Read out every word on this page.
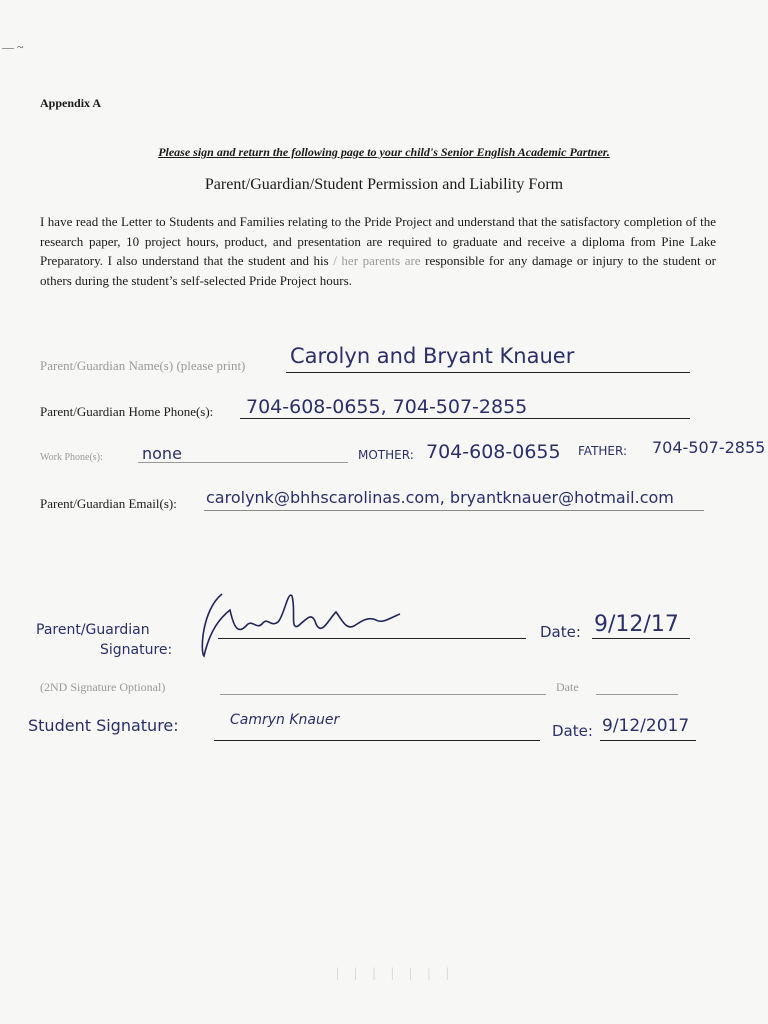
— ~
Appendix A
Please sign and return the following page to your child's Senior English Academic Partner.
Parent/Guardian/Student Permission and Liability Form
I have read the Letter to Students and Families relating to the Pride Project and understand that the satisfactory completion of the research paper, 10 project hours, product, and presentation are required to graduate and receive a diploma from Pine Lake Preparatory. I also understand that the student and his / her parents are responsible for any damage or injury to the student or others during the student’s self-selected Pride Project hours.
Parent/Guardian Name(s) (please print) Carolyn and Bryant Knauer
Parent/Guardian Home Phone(s): 704-608-0655, 704-507-2855
Work Phone(s): none	MOTHER: 704-608-0655 FATHER: 704-507-2855
Parent/Guardian Email(s): carolynk@bhhscarolinas.com, bryantknauer@hotmail.com
Parent/Guardian
Signature:
Date: 9/12/17
(2ND Signature Optional)	Date
Student Signature:	Camryn Knauer
Date: 9/12/2017
| | | | | | |
